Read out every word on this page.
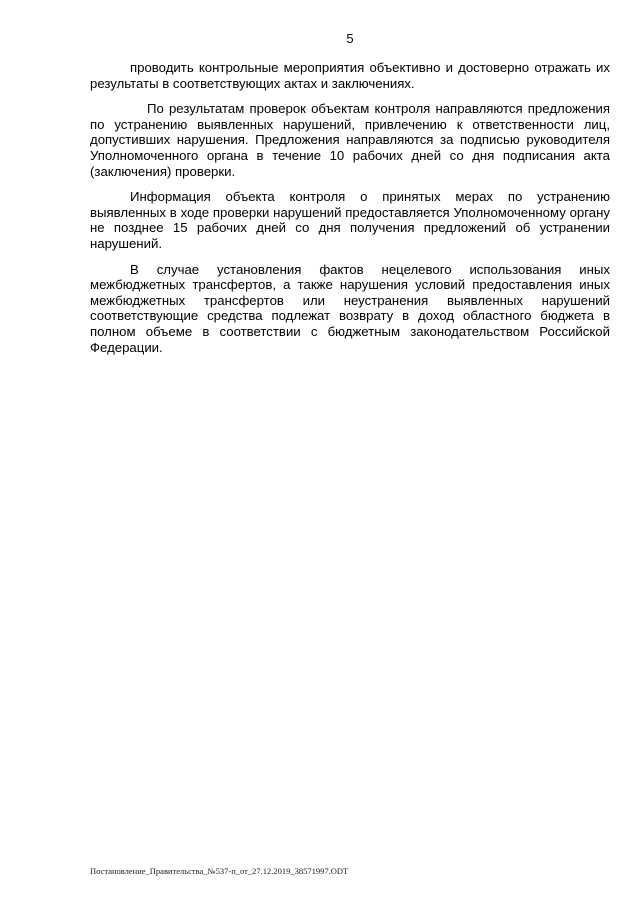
5

проводить контрольные мероприятия объективно и достоверно отражать их результаты в соответствующих актах и заключениях.

По результатам проверок объектам контроля направляются предложения по устранению выявленных нарушений, привлечению к ответственности лиц, допустивших нарушения. Предложения направляются за подписью руководителя Уполномоченного органа в течение 10 рабочих дней со дня подписания акта (заключения) проверки.

Информация объекта контроля о принятых мерах по устранению выявленных в ходе проверки нарушений предоставляется Уполномоченному органу не позднее 15 рабочих дней со дня получения предложений об устранении нарушений.

В случае установления фактов нецелевого использования иных межбюджетных трансфертов, а также нарушения условий предоставления иных межбюджетных трансфертов или неустранения выявленных нарушений соответствующие средства подлежат возврату в доход областного бюджета в полном объеме в соответствии с бюджетным законодательством Российской Федерации.

Постановление_Правительства_№537-п_от_27.12.2019_38571997.ODT
